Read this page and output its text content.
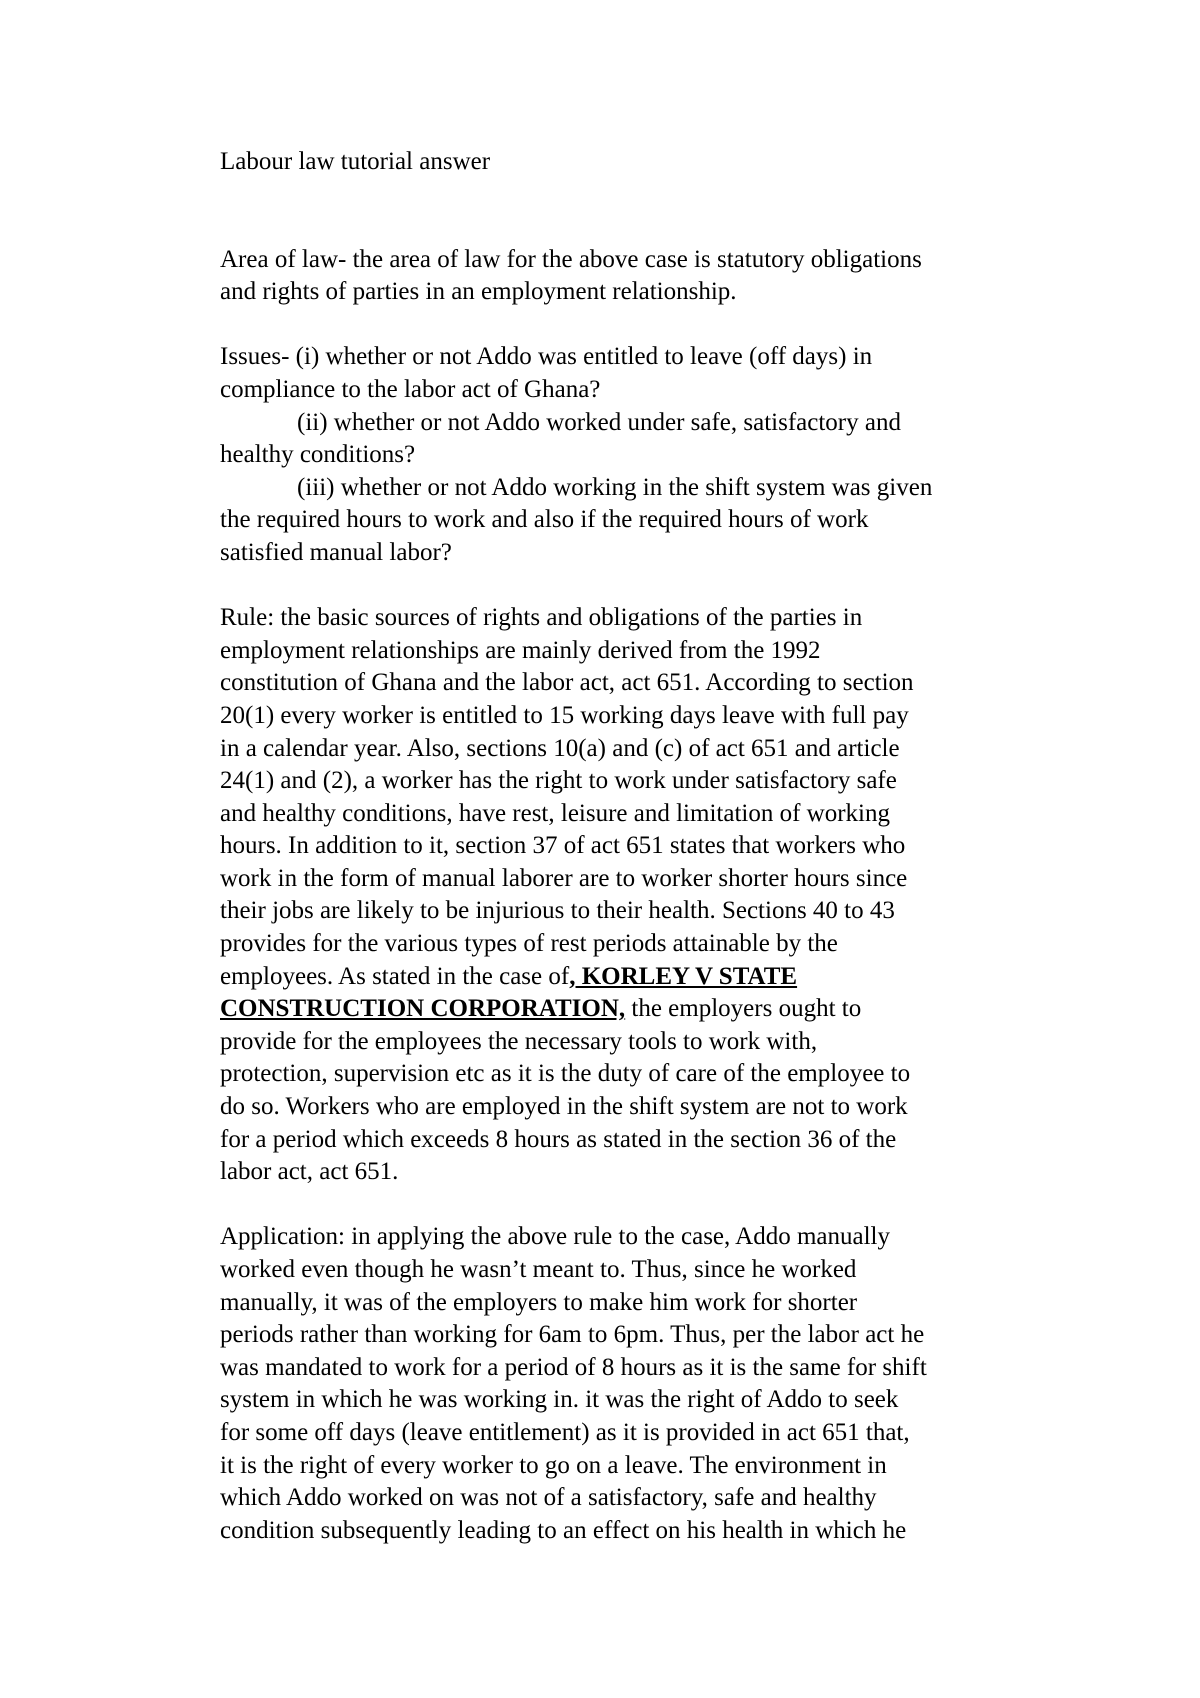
Labour law tutorial answer

Area of law- the area of law for the above case is statutory obligations

and rights of parties in an employment relationship.

Issues- (i) whether or not Addo was entitled to leave (off days) in

compliance to the labor act of Ghana?

(ii) whether or not Addo worked under safe, satisfactory and

healthy conditions?

(iii) whether or not Addo working in the shift system was given

the required hours to work and also if the required hours of work

satisfied manual labor?

Rule: the basic sources of rights and obligations of the parties in

employment relationships are mainly derived from the 1992

constitution of Ghana and the labor act, act 651. According to section

20(1) every worker is entitled to 15 working days leave with full pay

in a calendar year. Also, sections 10(a) and (c) of act 651 and article

24(1) and (2), a worker has the right to work under satisfactory safe

and healthy conditions, have rest, leisure and limitation of working

hours. In addition to it, section 37 of act 651 states that workers who

work in the form of manual laborer are to worker shorter hours since

their jobs are likely to be injurious to their health. Sections 40 to 43

provides for the various types of rest periods attainable by the

employees. As stated in the case of, KORLEY V STATE

CONSTRUCTION CORPORATION, the employers ought to

provide for the employees the necessary tools to work with,

protection, supervision etc as it is the duty of care of the employee to

do so. Workers who are employed in the shift system are not to work

for a period which exceeds 8 hours as stated in the section 36 of the

labor act, act 651.

Application: in applying the above rule to the case, Addo manually

worked even though he wasn’t meant to. Thus, since he worked

manually, it was of the employers to make him work for shorter

periods rather than working for 6am to 6pm. Thus, per the labor act he

was mandated to work for a period of 8 hours as it is the same for shift

system in which he was working in. it was the right of Addo to seek

for some off days (leave entitlement) as it is provided in act 651 that,

it is the right of every worker to go on a leave. The environment in

which Addo worked on was not of a satisfactory, safe and healthy

condition subsequently leading to an effect on his health in which he
